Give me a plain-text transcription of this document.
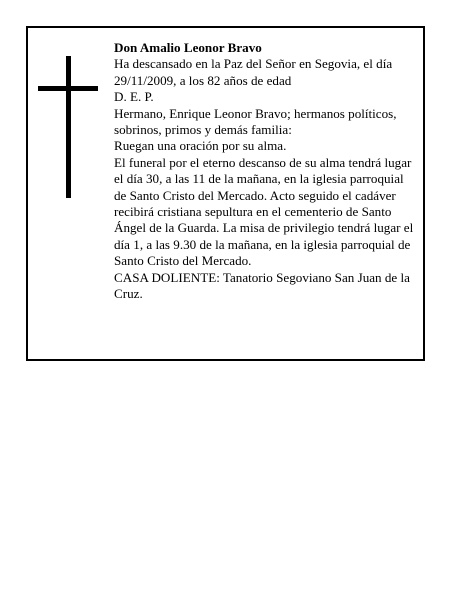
Don Amalio Leonor Bravo

Ha descansado en la Paz del Señor en Segovia, el día 29/11/2009, a los 82 años de edad

D. E. P.

Hermano, Enrique Leonor Bravo; hermanos políticos, sobrinos, primos y demás familia:

Ruegan una oración por su alma.

El funeral por el eterno descanso de su alma tendrá lugar el día 30, a las 11 de la mañana, en la iglesia parroquial de Santo Cristo del Mercado. Acto seguido el cadáver recibirá cristiana sepultura en el cementerio de Santo Ángel de la Guarda. La misa de privilegio tendrá lugar el día 1, a las 9.30 de la mañana, en la iglesia parroquial de Santo Cristo del Mercado.

CASA DOLIENTE: Tanatorio Segoviano San Juan de la Cruz.
